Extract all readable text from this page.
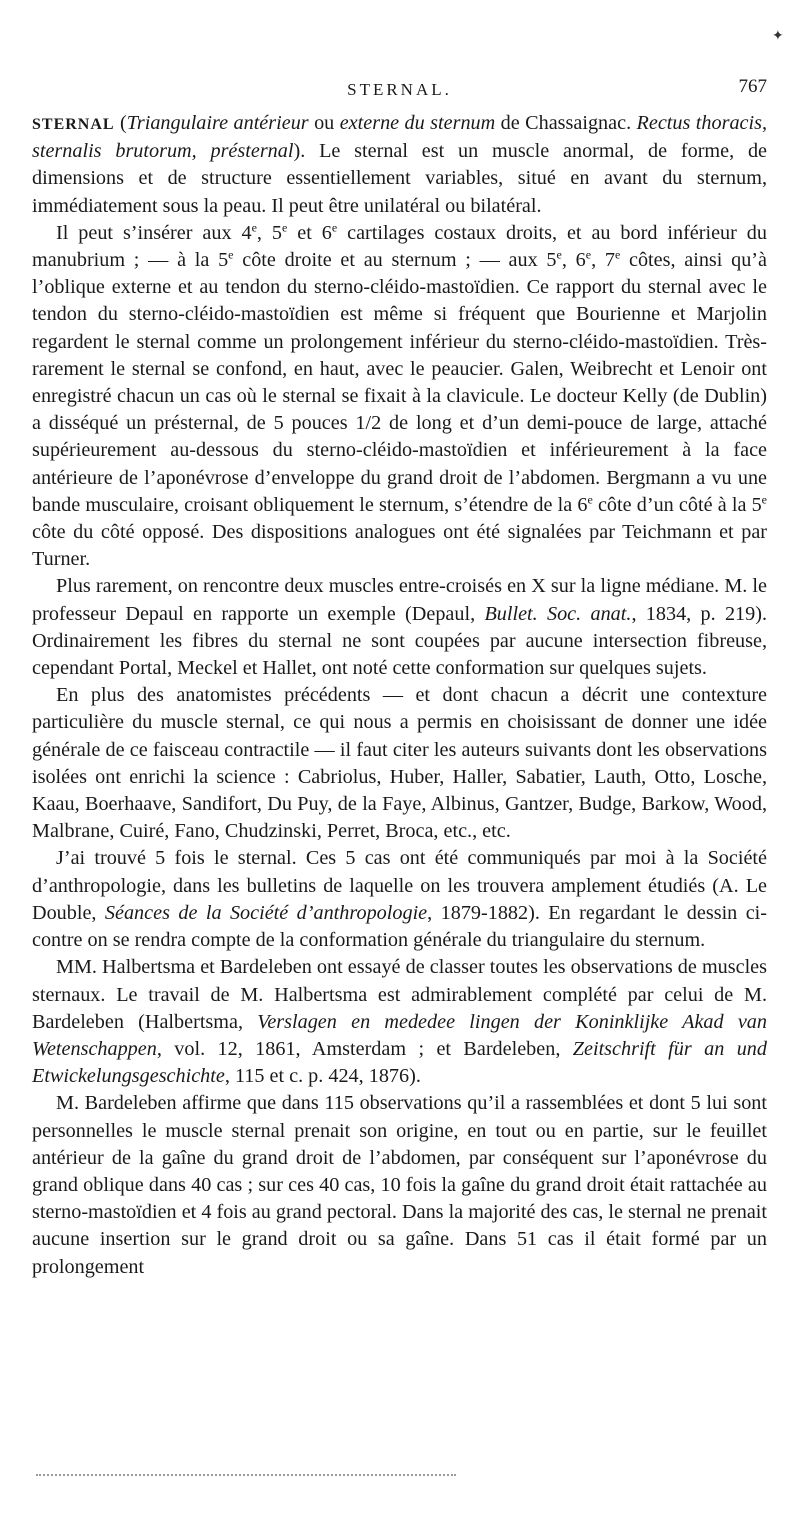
✦
STERNAL.	767

STERNAL (Triangulaire antérieur ou externe du sternum de Chassaignac. Rectus thoracis, sternalis brutorum, présternal). Le sternal est un muscle anormal, de forme, de dimensions et de structure essentiellement variables, situé en avant du sternum, immédiatement sous la peau. Il peut être unilatéral ou bilatéral.

Il peut s’insérer aux 4e, 5e et 6e cartilages costaux droits, et au bord inférieur du manubrium ; — à la 5e côte droite et au sternum ; — aux 5e, 6e, 7e côtes, ainsi qu’à l’oblique externe et au tendon du sterno-cléido-mastoïdien. Ce rapport du sternal avec le tendon du sterno-cléido-mastoïdien est même si fréquent que Bourienne et Marjolin regardent le sternal comme un prolongement inférieur du sterno-cléido-mastoïdien. Très-rarement le sternal se confond, en haut, avec le peaucier. Galen, Weibrecht et Lenoir ont enregistré chacun un cas où le sternal se fixait à la clavicule. Le docteur Kelly (de Dublin) a disséqué un présternal, de 5 pouces 1/2 de long et d’un demi-pouce de large, attaché supérieurement au-dessous du sterno-cléido-mastoïdien et inférieurement à la face antérieure de l’aponévrose d’enveloppe du grand droit de l’abdomen. Bergmann a vu une bande musculaire, croisant obliquement le sternum, s’étendre de la 6e côte d’un côté à la 5e côte du côté opposé. Des dispositions analogues ont été signalées par Teichmann et par Turner.

Plus rarement, on rencontre deux muscles entre-croisés en X sur la ligne médiane. M. le professeur Depaul en rapporte un exemple (Depaul, Bullet. Soc. anat., 1834, p. 219). Ordinairement les fibres du sternal ne sont coupées par aucune intersection fibreuse, cependant Portal, Meckel et Hallet, ont noté cette conformation sur quelques sujets.

En plus des anatomistes précédents — et dont chacun a décrit une contexture particulière du muscle sternal, ce qui nous a permis en choisissant de donner une idée générale de ce faisceau contractile — il faut citer les auteurs suivants dont les observations isolées ont enrichi la science : Cabriolus, Huber, Haller, Sabatier, Lauth, Otto, Losche, Kaau, Boerhaave, Sandifort, Du Puy, de la Faye, Albinus, Gantzer, Budge, Barkow, Wood, Malbrane, Cuiré, Fano, Chudzinski, Perret, Broca, etc., etc.

J’ai trouvé 5 fois le sternal. Ces 5 cas ont été communiqués par moi à la Société d’anthropologie, dans les bulletins de laquelle on les trouvera amplement étudiés (A. Le Double, Séances de la Société d’anthropologie, 1879-1882). En regardant le dessin ci-contre on se rendra compte de la conformation générale du triangulaire du sternum.

MM. Halbertsma et Bardeleben ont essayé de classer toutes les observations de muscles sternaux. Le travail de M. Halbertsma est admirablement complété par celui de M. Bardeleben (Halbertsma, Verslagen en mededee lingen der Koninklijke Akad van Wetenschappen, vol. 12, 1861, Amsterdam ; et Bardeleben, Zeitschrift für an und Etwickelungsgeschichte, 115 et c. p. 424, 1876).

M. Bardeleben affirme que dans 115 observations qu’il a rassemblées et dont 5 lui sont personnelles le muscle sternal prenait son origine, en tout ou en partie, sur le feuillet antérieur de la gaîne du grand droit de l’abdomen, par conséquent sur l’aponévrose du grand oblique dans 40 cas ; sur ces 40 cas, 10 fois la gaîne du grand droit était rattachée au sterno-mastoïdien et 4 fois au grand pectoral. Dans la majorité des cas, le sternal ne prenait aucune insertion sur le grand droit ou sa gaîne. Dans 51 cas il était formé par un prolongement
